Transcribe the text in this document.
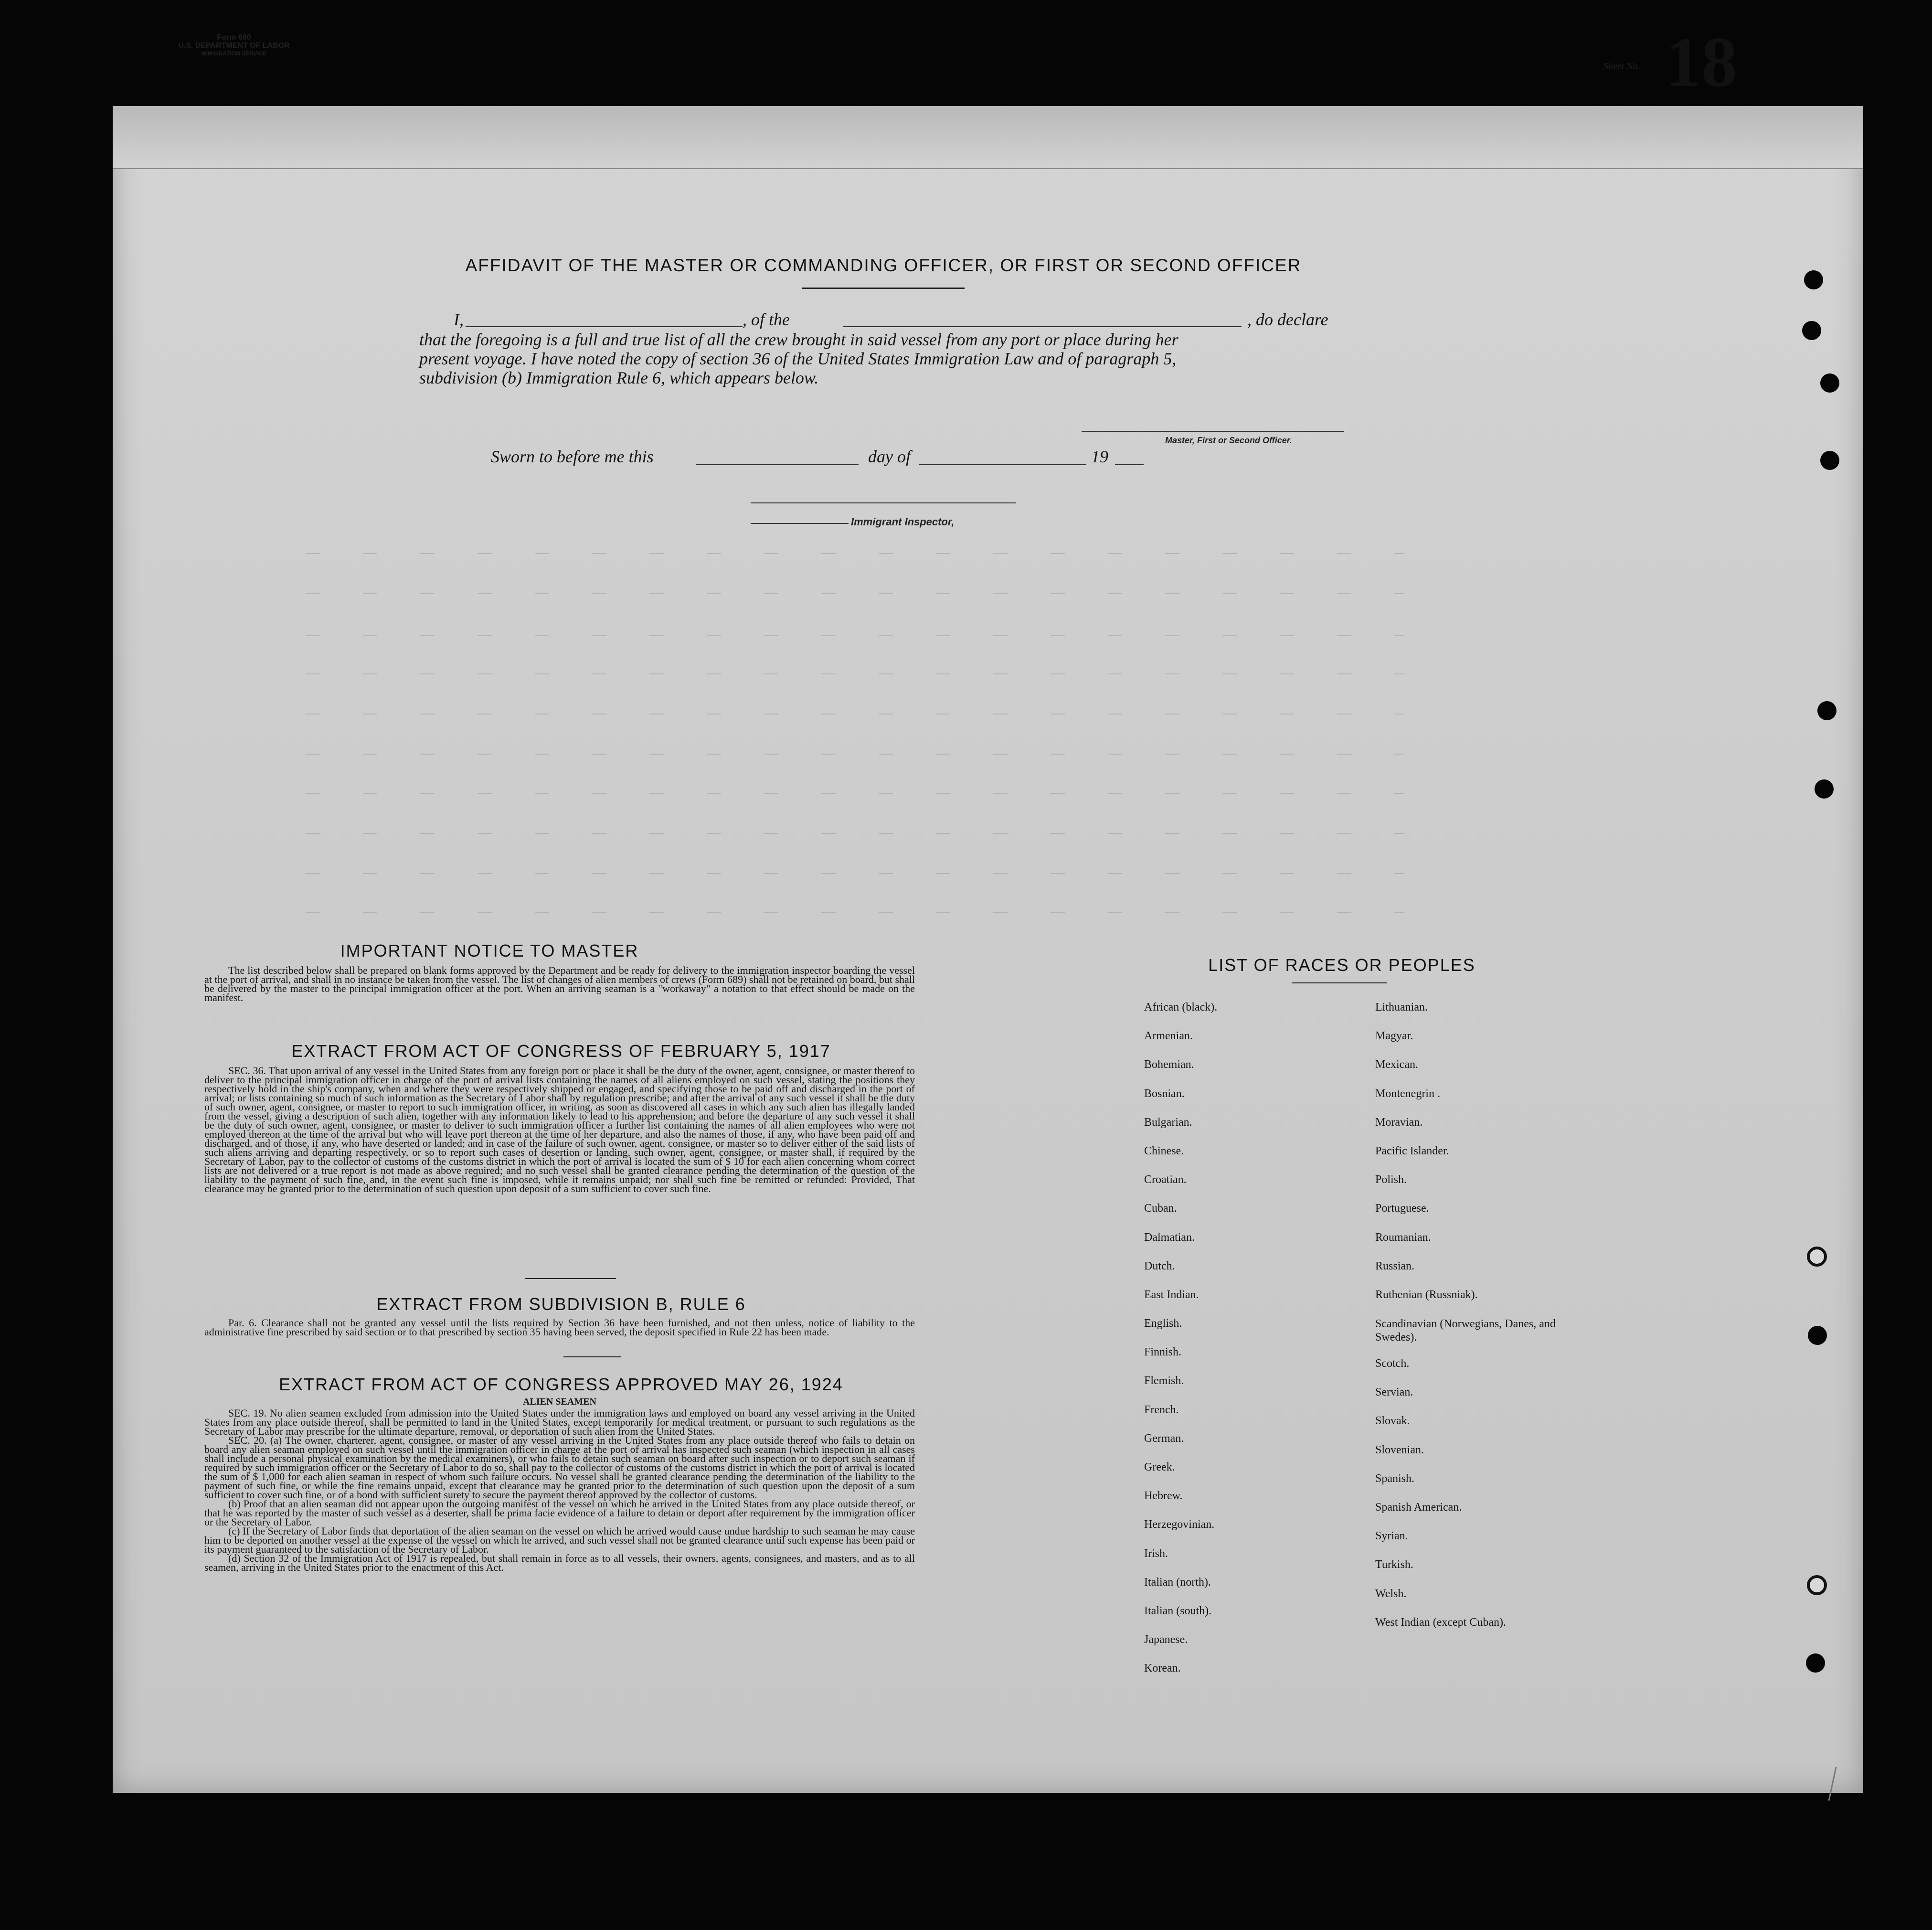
Form 680
U.S. DEPARTMENT OF LABOR
IMMIGRATION SERVICE
Sheet No. 18
AFFIDAVIT OF THE MASTER OR COMMANDING OFFICER, OR FIRST OR SECOND OFFICER
I,	, of the	, do declare
that the foregoing is a full and true list of all the crew brought in said vessel from any port or place during her
present voyage. I have noted the copy of section 36 of the United States Immigration Law and of paragraph 5,
subdivision (b) Immigration Rule 6, which appears below.
Master, First or Second Officer.
Sworn to before me this	day of	19
Immigrant Inspector,
IMPORTANT NOTICE TO MASTER

The list described below shall be prepared on blank forms approved by the Department and be ready for delivery to the immigration inspector boarding the vessel at the port of arrival, and shall in no instance be taken from the vessel. The list of changes of alien members of crews (Form 689) shall not be retained on board, but shall be delivered by the master to the principal immigration officer at the port. When an arriving seaman is a "workaway" a notation to that effect should be made on the manifest.

EXTRACT FROM ACT OF CONGRESS OF FEBRUARY 5, 1917

SEC. 36. That upon arrival of any vessel in the United States from any foreign port or place it shall be the duty of the owner, agent, consignee, or master thereof to deliver to the principal immigration officer in charge of the port of arrival lists containing the names of all aliens employed on such vessel, stating the positions they respectively hold in the ship's company, when and where they were respectively shipped or engaged, and specifying those to be paid off and discharged in the port of arrival; or lists containing so much of such information as the Secretary of Labor shall by regulation prescribe; and after the arrival of any such vessel it shall be the duty of such owner, agent, consignee, or master to report to such immigration officer, in writing, as soon as discovered all cases in which any such alien has illegally landed from the vessel, giving a description of such alien, together with any information likely to lead to his apprehension; and before the departure of any such vessel it shall be the duty of such owner, agent, consignee, or master to deliver to such immigration officer a further list containing the names of all alien employees who were not employed thereon at the time of the arrival but who will leave port thereon at the time of her departure, and also the names of those, if any, who have been paid off and discharged, and of those, if any, who have deserted or landed; and in case of the failure of such owner, agent, consignee, or master so to deliver either of the said lists of such aliens arriving and departing respectively, or so to report such cases of desertion or landing, such owner, agent, consignee, or master shall, if required by the Secretary of Labor, pay to the collector of customs of the customs district in which the port of arrival is located the sum of $ 10 for each alien concerning whom correct lists are not delivered or a true report is not made as above required; and no such vessel shall be granted clearance pending the determination of the question of the liability to the payment of such fine, and, in the event such fine is imposed, while it remains unpaid; nor shall such fine be remitted or refunded: Provided, That clearance may be granted prior to the determination of such question upon deposit of a sum sufficient to cover such fine.

EXTRACT FROM SUBDIVISION B, RULE 6

Par. 6. Clearance shall not be granted any vessel until the lists required by Section 36 have been furnished, and not then unless, notice of liability to the administrative fine prescribed by said section or to that prescribed by section 35 having been served, the deposit specified in Rule 22 has been made.

EXTRACT FROM ACT OF CONGRESS APPROVED MAY 26, 1924

ALIEN SEAMEN

SEC. 19. No alien seamen excluded from admission into the United States under the immigration laws and employed on board any vessel arriving in the United States from any place outside thereof, shall be permitted to land in the United States, except temporarily for medical treatment, or pursuant to such regulations as the Secretary of Labor may prescribe for the ultimate departure, removal, or deportation of such alien from the United States.

SEC. 20. (a) The owner, charterer, agent, consignee, or master of any vessel arriving in the United States from any place outside thereof who fails to detain on board any alien seaman employed on such vessel until the immigration officer in charge at the port of arrival has inspected such seaman (which inspection in all cases shall include a personal physical examination by the medical examiners), or who fails to detain such seaman on board after such inspection or to deport such seaman if required by such immigration officer or the Secretary of Labor to do so, shall pay to the collector of customs of the customs district in which the port of arrival is located the sum of $ 1,000 for each alien seaman in respect of whom such failure occurs. No vessel shall be granted clearance pending the determination of the liability to the payment of such fine, or while the fine remains unpaid, except that clearance may be granted prior to the determination of such question upon the deposit of a sum sufficient to cover such fine, or of a bond with sufficient surety to secure the payment thereof approved by the collector of customs.

(b) Proof that an alien seaman did not appear upon the outgoing manifest of the vessel on which he arrived in the United States from any place outside thereof, or that he was reported by the master of such vessel as a deserter, shall be prima facie evidence of a failure to detain or deport after requirement by the immigration officer or the Secretary of Labor.

(c) If the Secretary of Labor finds that deportation of the alien seaman on the vessel on which he arrived would cause undue hardship to such seaman he may cause him to be deported on another vessel at the expense of the vessel on which he arrived, and such vessel shall not be granted clearance until such expense has been paid or its payment guaranteed to the satisfaction of the Secretary of Labor.

(d) Section 32 of the Immigration Act of 1917 is repealed, but shall remain in force as to all vessels, their owners, agents, consignees, and masters, and as to all seamen, arriving in the United States prior to the enactment of this Act.

LIST OF RACES OR PEOPLES
African (black).
Armenian.
Bohemian.
Bosnian.
Bulgarian.
Chinese.
Croatian.
Cuban.
Dalmatian.
Dutch.
East Indian.
English.
Finnish.
Flemish.
French.
German.
Greek.
Hebrew.
Herzegovinian.
Irish.
Italian (north).
Italian (south).
Japanese.
Korean.
Lithuanian.
Magyar.
Mexican.
Montenegrin .
Moravian.
Pacific Islander.
Polish.
Portuguese.
Roumanian.
Russian.
Ruthenian (Russniak).
Scandinavian (Norwegians, Danes, and Swedes).
Scotch.
Servian.
Slovak.
Slovenian.
Spanish.
Spanish American.
Syrian.
Turkish.
Welsh.
West Indian (except Cuban).
